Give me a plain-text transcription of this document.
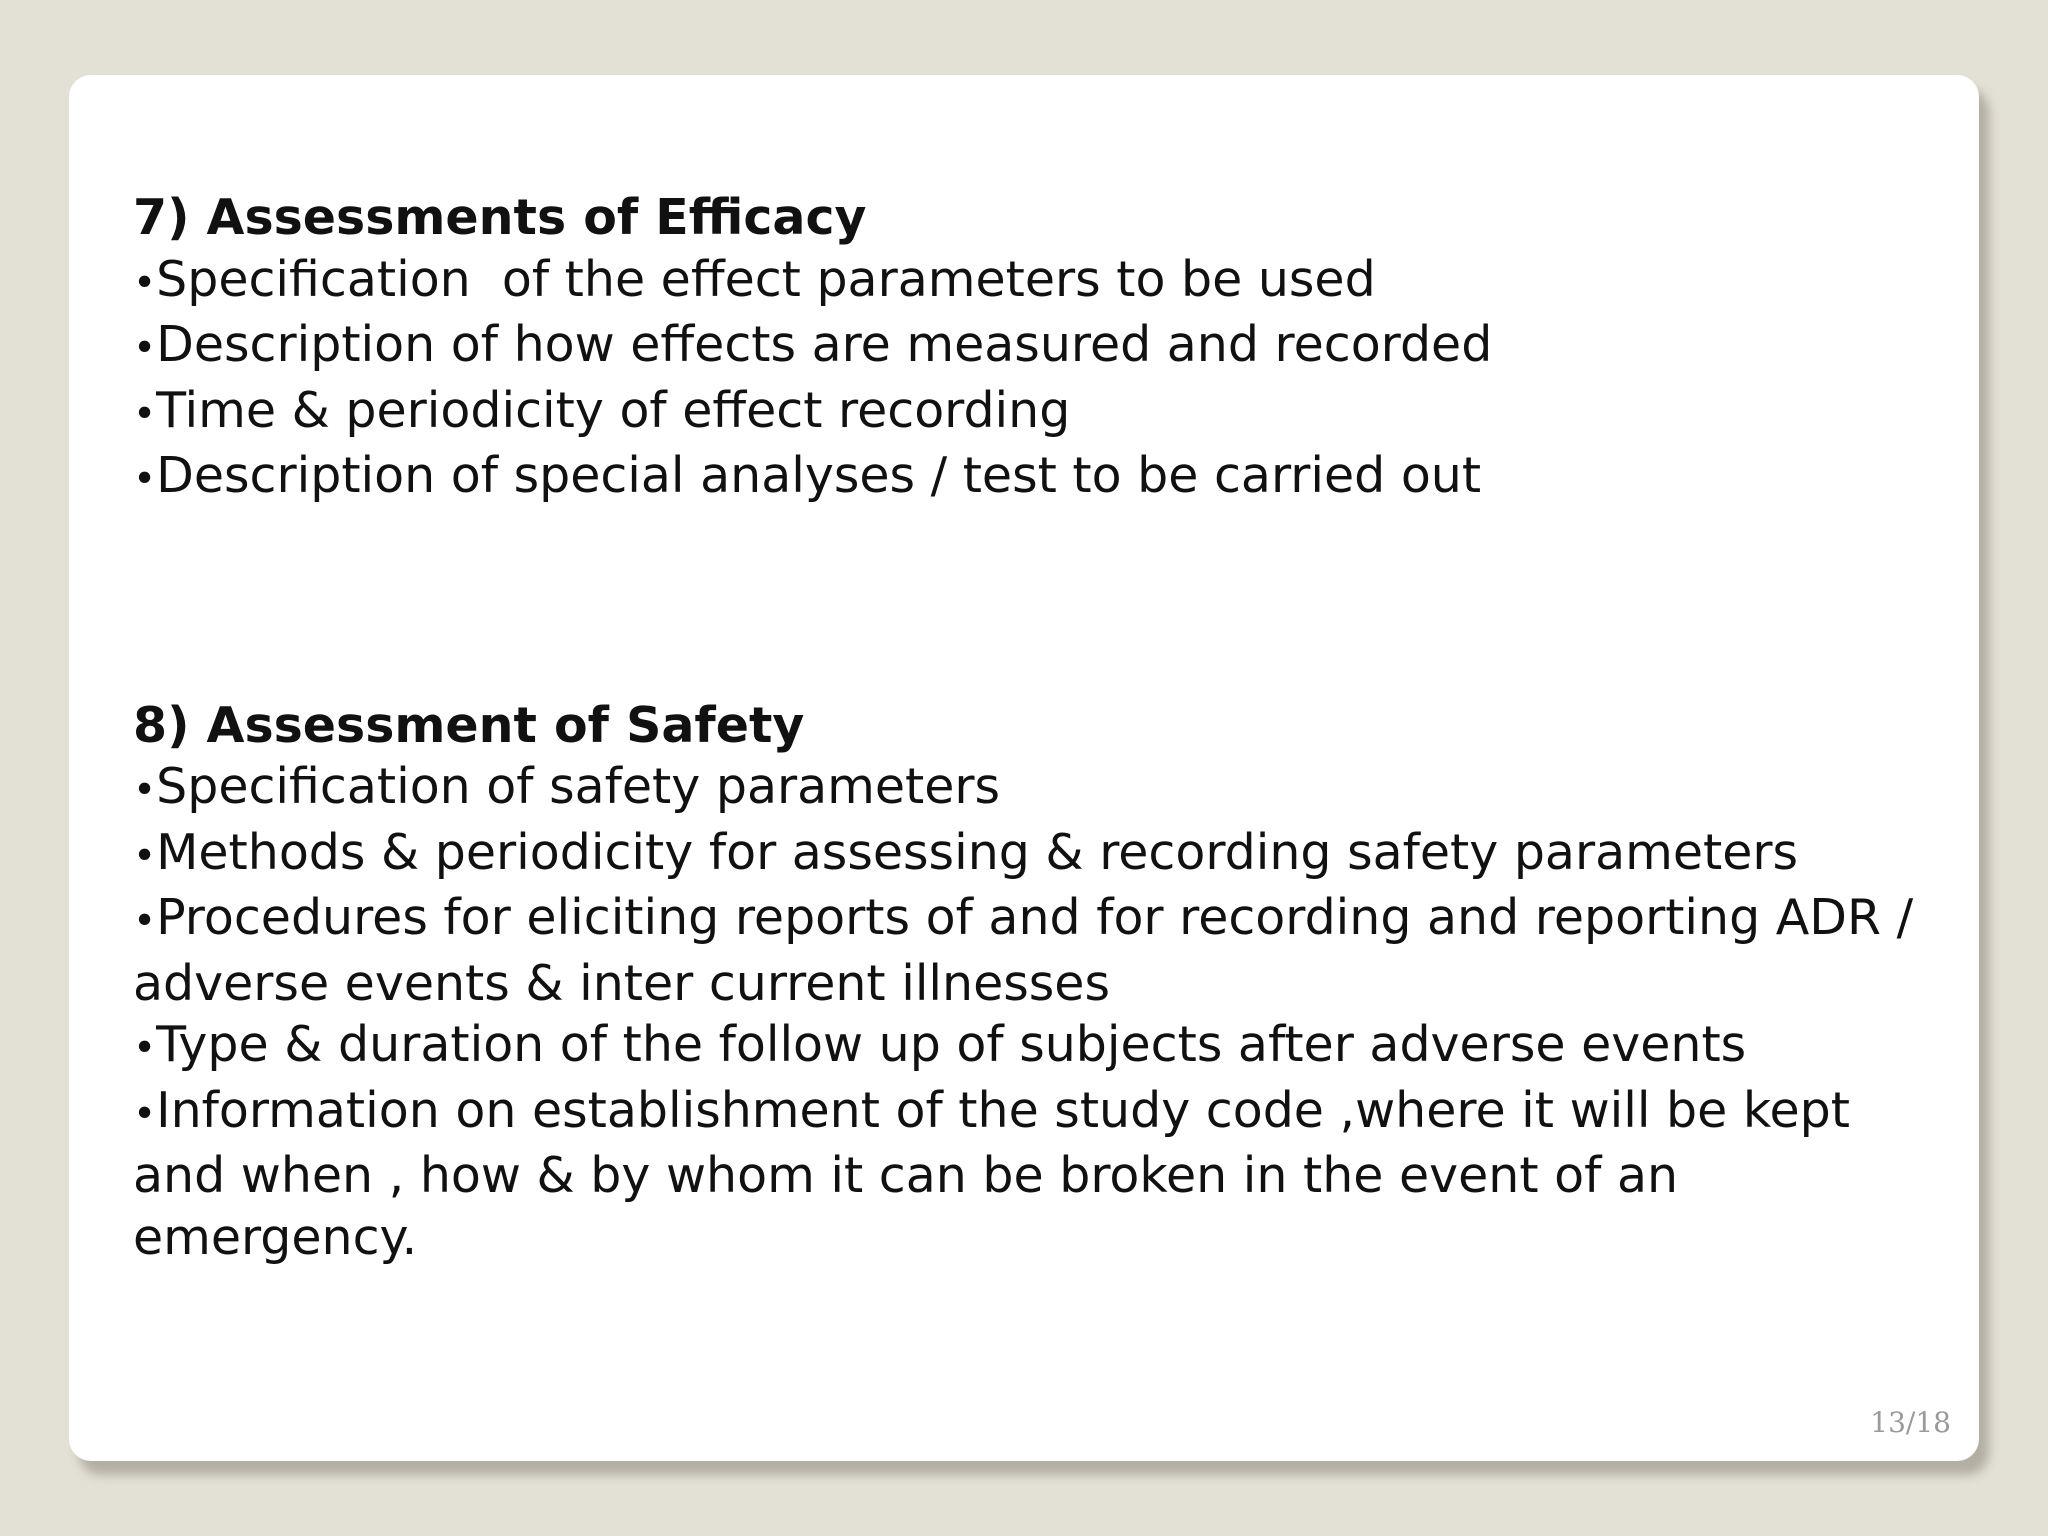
7) Assessments of Efficacy

•Specification  of the effect parameters to be used

•Description of how effects are measured and recorded

•Time & periodicity of effect recording

•Description of special analyses / test to be carried out

8) Assessment of Safety

•Specification of safety parameters

•Methods & periodicity for assessing & recording safety parameters

•Procedures for eliciting reports of and for recording and reporting ADR / adverse events & inter current illnesses

•Type & duration of the follow up of subjects after adverse events

•Information on establishment of the study code ,where it will be kept and when , how & by whom it can be broken in the event of an emergency.

13/18
